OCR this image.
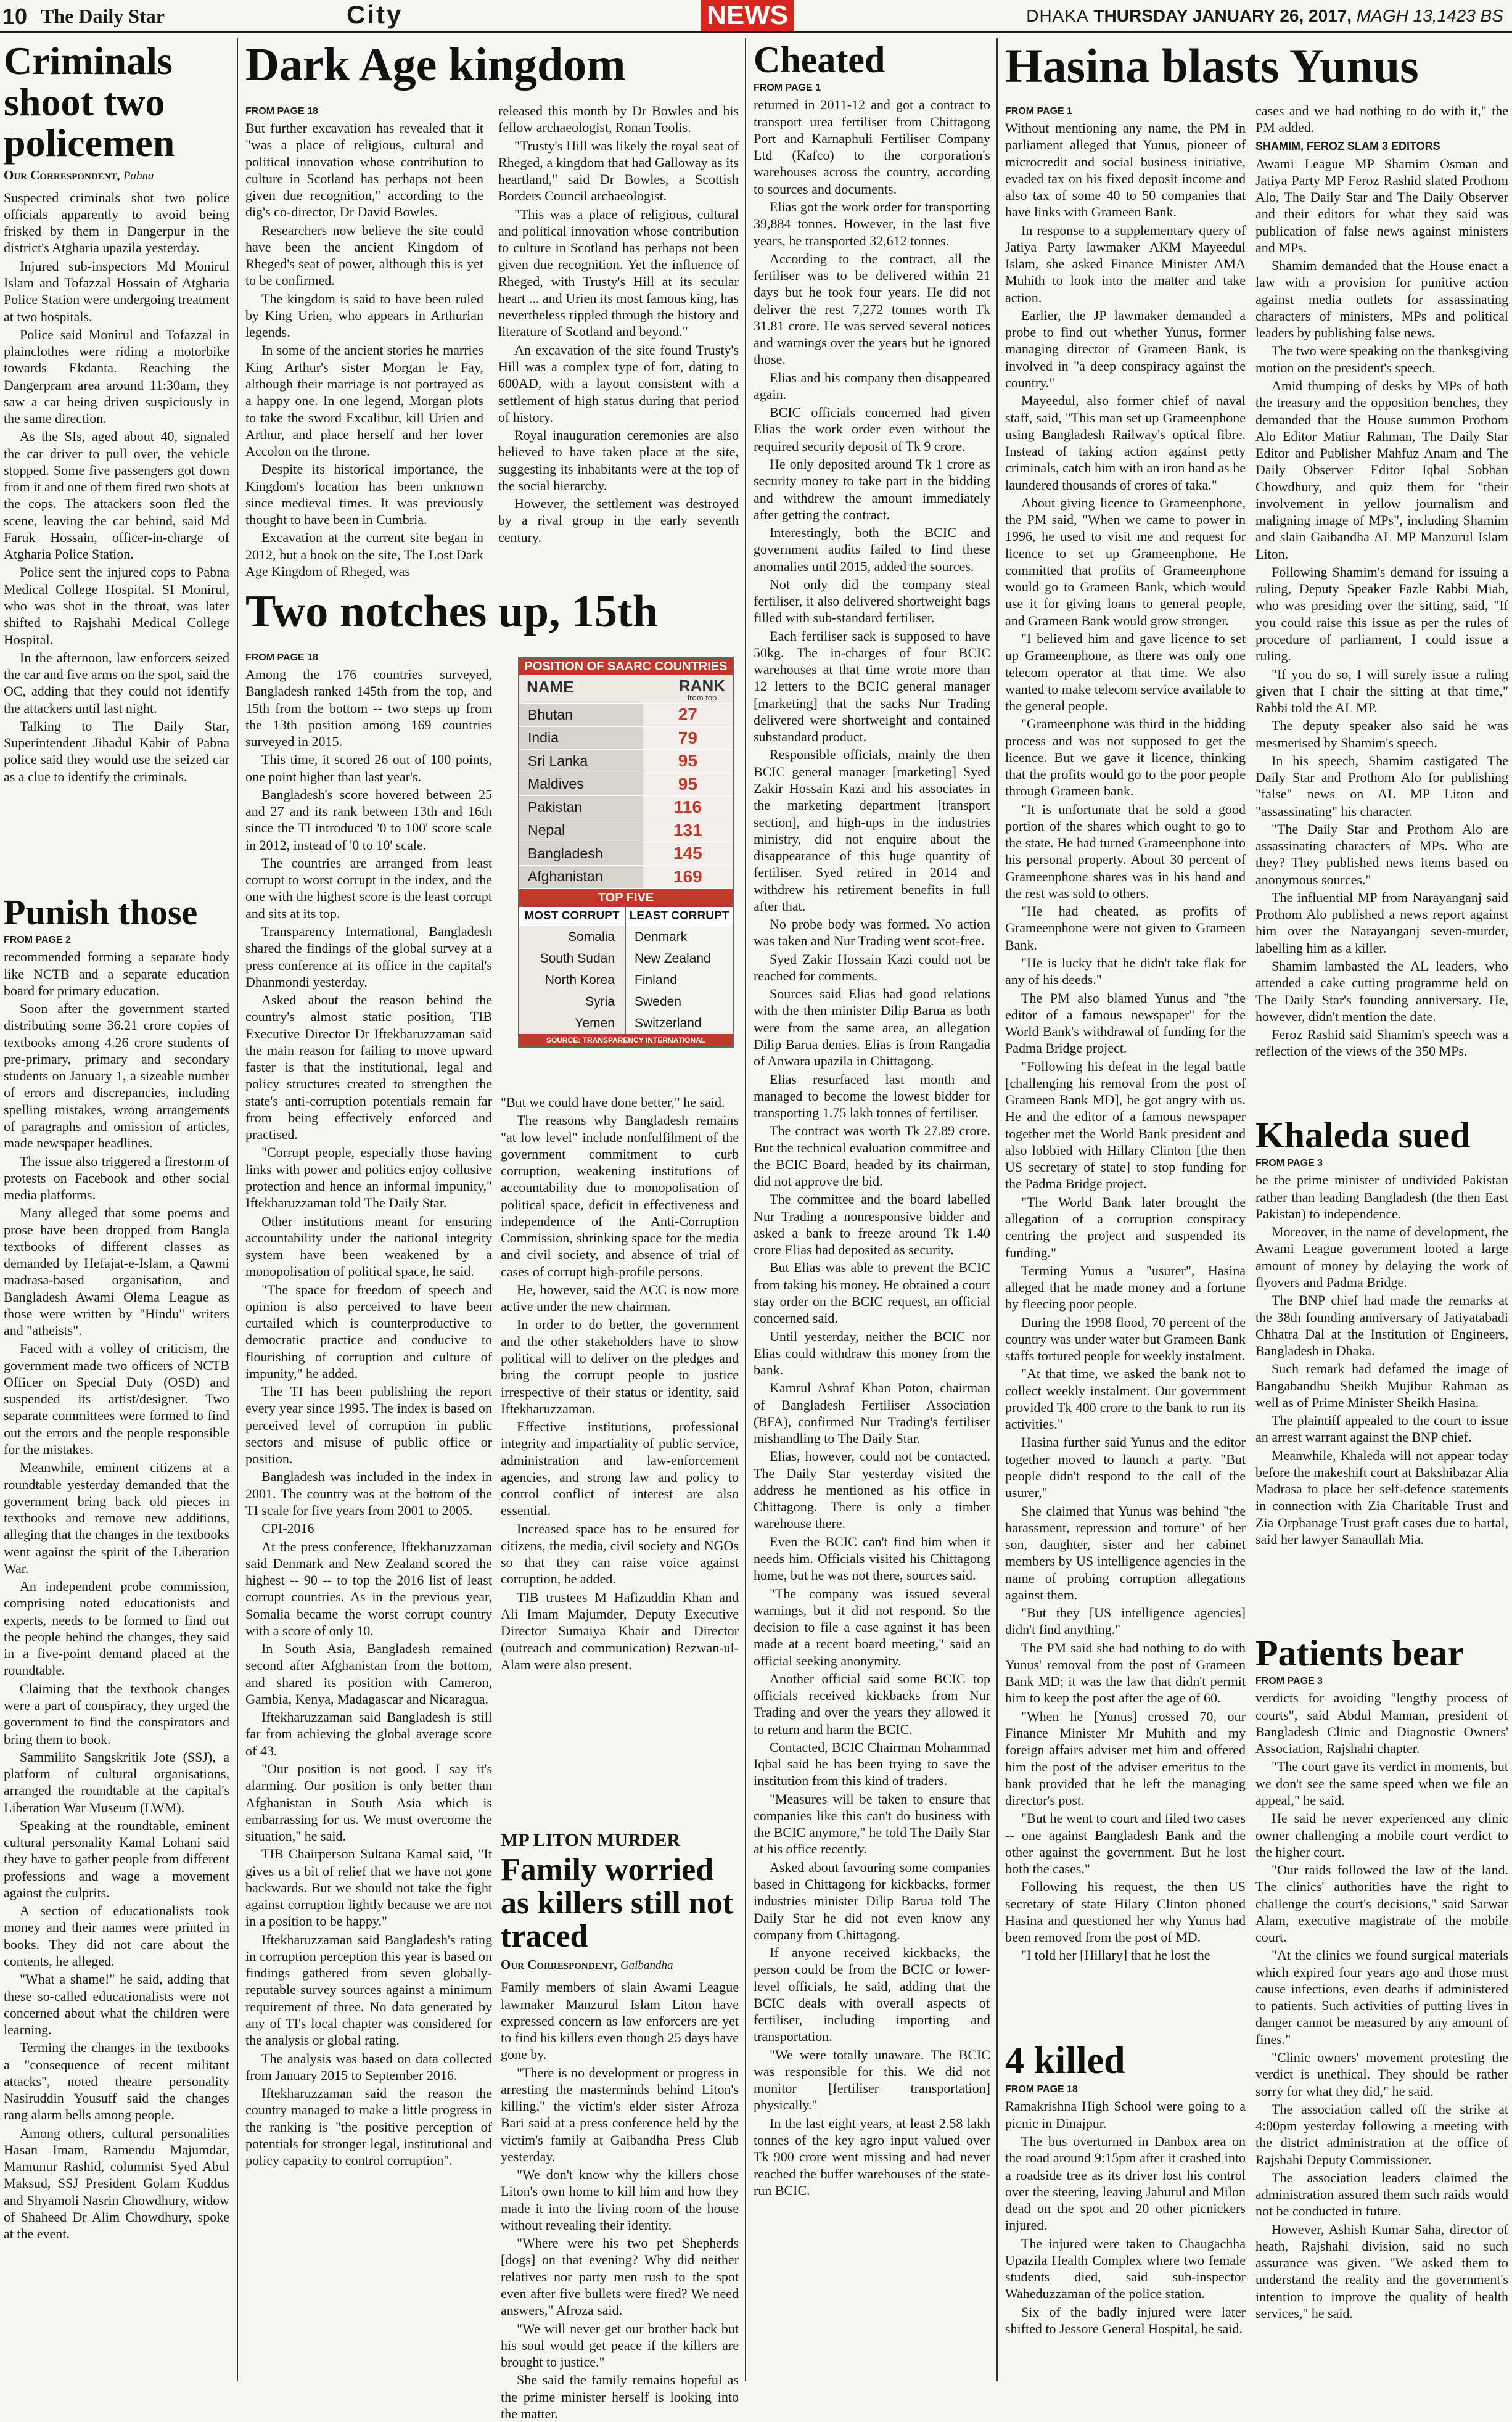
10 The Daily Star	City	NEWS	DHAKA THURSDAY JANUARY 26, 2017, MAGH 13,1423 BS
Criminals shoot two policemen
Our Correspondent, Pabna

Suspected criminals shot two police officials apparently to avoid being frisked by them in Dangerpur in the district's Atgharia upazila yesterday.

Injured sub-inspectors Md Monirul Islam and Tofazzal Hossain of Atgharia Police Station were undergoing treatment at two hospitals.

Police said Monirul and Tofazzal in plainclothes were riding a motorbike towards Ekdanta. Reaching the Dangerpram area around 11:30am, they saw a car being driven suspiciously in the same direction.

As the SIs, aged about 40, signaled the car driver to pull over, the vehicle stopped. Some five passengers got down from it and one of them fired two shots at the cops. The attackers soon fled the scene, leaving the car behind, said Md Faruk Hossain, officer-in-charge of Atgharia Police Station.

Police sent the injured cops to Pabna Medical College Hospital. SI Monirul, who was shot in the throat, was later shifted to Rajshahi Medical College Hospital.

In the afternoon, law enforcers seized the car and five arms on the spot, said the OC, adding that they could not identify the attackers until last night.

Talking to The Daily Star, Superintendent Jihadul Kabir of Pabna police said they would use the seized car as a clue to identify the criminals.

Punish those
FROM PAGE 2

recommended forming a separate body like NCTB and a separate education board for primary education.

Soon after the government started distributing some 36.21 crore copies of textbooks among 4.26 crore students of pre-primary, primary and secondary students on January 1, a sizeable number of errors and discrepancies, including spelling mistakes, wrong arrangements of paragraphs and omission of articles, made newspaper headlines.

The issue also triggered a firestorm of protests on Facebook and other social media platforms.

Many alleged that some poems and prose have been dropped from Bangla textbooks of different classes as demanded by Hefajat-e-Islam, a Qawmi madrasa-based organisation, and Bangladesh Awami Olema League as those were written by "Hindu" writers and "atheists".

Faced with a volley of criticism, the government made two officers of NCTB Officer on Special Duty (OSD) and suspended its artist/designer. Two separate committees were formed to find out the errors and the people responsible for the mistakes.

Meanwhile, eminent citizens at a roundtable yesterday demanded that the government bring back old pieces in textbooks and remove new additions, alleging that the changes in the textbooks went against the spirit of the Liberation War.

An independent probe commission, comprising noted educationists and experts, needs to be formed to find out the people behind the changes, they said in a five-point demand placed at the roundtable.

Claiming that the textbook changes were a part of conspiracy, they urged the government to find the conspirators and bring them to book.

Sammilito Sangskritik Jote (SSJ), a platform of cultural organisations, arranged the roundtable at the capital's Liberation War Museum (LWM).

Speaking at the roundtable, eminent cultural personality Kamal Lohani said they have to gather people from different professions and wage a movement against the culprits.

A section of educationalists took money and their names were printed in books. They did not care about the contents, he alleged.

"What a shame!" he said, adding that these so-called educationalists were not concerned about what the children were learning.

Terming the changes in the textbooks a "consequence of recent militant attacks", noted theatre personality Nasiruddin Yousuff said the changes rang alarm bells among people.

Among others, cultural personalities Hasan Imam, Ramendu Majumdar, Mamunur Rashid, columnist Syed Abul Maksud, SSJ President Golam Kuddus and Shyamoli Nasrin Chowdhury, widow of Shaheed Dr Alim Chowdhury, spoke at the event.

Dark Age kingdom
FROM PAGE 18

But further excavation has revealed that it "was a place of religious, cultural and political innovation whose contribution to culture in Scotland has perhaps not been given due recognition," according to the dig's co-director, Dr David Bowles.

Researchers now believe the site could have been the ancient Kingdom of Rheged's seat of power, although this is yet to be confirmed.

The kingdom is said to have been ruled by King Urien, who appears in Arthurian legends.

In some of the ancient stories he marries King Arthur's sister Morgan le Fay, although their marriage is not portrayed as a happy one. In one legend, Morgan plots to take the sword Excalibur, kill Urien and Arthur, and place herself and her lover Accolon on the throne.

Despite its historical importance, the Kingdom's location has been unknown since medieval times. It was previously thought to have been in Cumbria.

Excavation at the current site began in 2012, but a book on the site, The Lost Dark Age Kingdom of Rheged, was

released this month by Dr Bowles and his fellow archaeologist, Ronan Toolis.

"Trusty's Hill was likely the royal seat of Rheged, a kingdom that had Galloway as its heartland," said Dr Bowles, a Scottish Borders Council archaeologist.

"This was a place of religious, cultural and political innovation whose contribution to culture in Scotland has perhaps not been given due recognition. Yet the influence of Rheged, with Trusty's Hill at its secular heart ... and Urien its most famous king, has nevertheless rippled through the history and literature of Scotland and beyond."

An excavation of the site found Trusty's Hill was a complex type of fort, dating to 600AD, with a layout consistent with a settlement of high status during that period of history.

Royal inauguration ceremonies are also believed to have taken place at the site, suggesting its inhabitants were at the top of the social hierarchy.

However, the settlement was destroyed by a rival group in the early seventh century.

Two notches up, 15th
FROM PAGE 18

Among the 176 countries surveyed, Bangladesh ranked 145th from the top, and 15th from the bottom -- two steps up from the 13th position among 169 countries surveyed in 2015.

This time, it scored 26 out of 100 points, one point higher than last year's.

Bangladesh's score hovered between 25 and 27 and its rank between 13th and 16th since the TI introduced '0 to 100' score scale in 2012, instead of '0 to 10' scale.

The countries are arranged from least corrupt to worst corrupt in the index, and the one with the highest score is the least corrupt and sits at its top.

Transparency International, Bangladesh shared the findings of the global survey at a press conference at its office in the capital's Dhanmondi yesterday.

Asked about the reason behind the country's almost static position, TIB Executive Director Dr Iftekharuzzaman said the main reason for failing to move upward faster is that the institutional, legal and policy structures created to strengthen the state's anti-corruption potentials remain far from being effectively enforced and practised.

"Corrupt people, especially those having links with power and politics enjoy collusive protection and hence an informal impunity," Iftekharuzzaman told The Daily Star.

Other institutions meant for ensuring accountability under the national integrity system have been weakened by a monopolisation of political space, he said.

"The space for freedom of speech and opinion is also perceived to have been curtailed which is counterproductive to democratic practice and conducive to flourishing of corruption and culture of impunity," he added.

The TI has been publishing the report every year since 1995. The index is based on perceived level of corruption in public sectors and misuse of public office or position.

Bangladesh was included in the index in 2001. The country was at the bottom of the TI scale for five years from 2001 to 2005.

CPI-2016

At the press conference, Iftekharuzzaman said Denmark and New Zealand scored the highest -- 90 -- to top the 2016 list of least corrupt countries. As in the previous year, Somalia became the worst corrupt country with a score of only 10.

In South Asia, Bangladesh remained second after Afghanistan from the bottom, and shared its position with Cameron, Gambia, Kenya, Madagascar and Nicaragua.

Iftekharuzzaman said Bangladesh is still far from achieving the global average score of 43.

"Our position is not good. I say it's alarming. Our position is only better than Afghanistan in South Asia which is embarrassing for us. We must overcome the situation," he said.

TIB Chairperson Sultana Kamal said, "It gives us a bit of relief that we have not gone backwards. But we should not take the fight against corruption lightly because we are not in a position to be happy."

Iftekharuzzaman said Bangladesh's rating in corruption perception this year is based on findings gathered from seven globally-reputable survey sources against a minimum requirement of three. No data generated by any of TI's local chapter was considered for the analysis or global rating.

The analysis was based on data collected from January 2015 to September 2016.

Iftekharuzzaman said the reason the country managed to make a little progress in the ranking is "the positive perception of potentials for stronger legal, institutional and policy capacity to control corruption".

POSITION OF SAARC COUNTRIES
NAME	RANK
from top
Bhutan	27
India	79
Sri Lanka	95
Maldives	95
Pakistan	116
Nepal	131
Bangladesh	145
Afghanistan	169
TOP FIVE
MOST CORRUPT LEAST CORRUPT
Somalia	Denmark
South Sudan	New Zealand
North Korea	Finland
Syria	Sweden
Yemen	Switzerland
SOURCE: TRANSPARENCY INTERNATIONAL

"But we could have done better," he said.

The reasons why Bangladesh remains "at low level" include nonfulfilment of the government commitment to curb corruption, weakening institutions of accountability due to monopolisation of political space, deficit in effectiveness and independence of the Anti-Corruption Commission, shrinking space for the media and civil society, and absence of trial of cases of corrupt high-profile persons.

He, however, said the ACC is now more active under the new chairman.

In order to do better, the government and the other stakeholders have to show political will to deliver on the pledges and bring the corrupt people to justice irrespective of their status or identity, said Iftekharuzzaman.

Effective institutions, professional integrity and impartiality of public service, administration and law-enforcement agencies, and strong law and policy to control conflict of interest are also essential.

Increased space has to be ensured for citizens, the media, civil society and NGOs so that they can raise voice against corruption, he added.

TIB trustees M Hafizuddin Khan and Ali Imam Majumder, Deputy Executive Director Sumaiya Khair and Director (outreach and communication) Rezwan-ul-Alam were also present.

MP LITON MURDER
Family worried as killers still not traced
Our Correspondent, Gaibandha

Family members of slain Awami League lawmaker Manzurul Islam Liton have expressed concern as law enforcers are yet to find his killers even though 25 days have gone by.

"There is no development or progress in arresting the masterminds behind Liton's killing," the victim's elder sister Afroza Bari said at a press conference held by the victim's family at Gaibandha Press Club yesterday.

"We don't know why the killers chose Liton's own home to kill him and how they made it into the living room of the house without revealing their identity.

"Where were his two pet Shepherds [dogs] on that evening? Why did neither relatives nor party men rush to the spot even after five bullets were fired? We need answers," Afroza said.

"We will never get our brother back but his soul would get peace if the killers are brought to justice."

She said the family remains hopeful as the prime minister herself is looking into the matter.

Cheated
FROM PAGE 1

returned in 2011-12 and got a contract to transport urea fertiliser from Chittagong Port and Karnaphuli Fertiliser Company Ltd (Kafco) to the corporation's warehouses across the country, according to sources and documents.

Elias got the work order for transporting 39,884 tonnes. However, in the last five years, he transported 32,612 tonnes.

According to the contract, all the fertiliser was to be delivered within 21 days but he took four years. He did not deliver the rest 7,272 tonnes worth Tk 31.81 crore. He was served several notices and warnings over the years but he ignored those.

Elias and his company then disappeared again.

BCIC officials concerned had given Elias the work order even without the required security deposit of Tk 9 crore.

He only deposited around Tk 1 crore as security money to take part in the bidding and withdrew the amount immediately after getting the contract.

Interestingly, both the BCIC and government audits failed to find these anomalies until 2015, added the sources.

Not only did the company steal fertiliser, it also delivered shortweight bags filled with sub-standard fertiliser.

Each fertiliser sack is supposed to have 50kg. The in-charges of four BCIC warehouses at that time wrote more than 12 letters to the BCIC general manager [marketing] that the sacks Nur Trading delivered were shortweight and contained substandard product.

Responsible officials, mainly the then BCIC general manager [marketing] Syed Zakir Hossain Kazi and his associates in the marketing department [transport section], and high-ups in the industries ministry, did not enquire about the disappearance of this huge quantity of fertiliser. Syed retired in 2014 and withdrew his retirement benefits in full after that.

No probe body was formed. No action was taken and Nur Trading went scot-free.

Syed Zakir Hossain Kazi could not be reached for comments.

Sources said Elias had good relations with the then minister Dilip Barua as both were from the same area, an allegation Dilip Barua denies. Elias is from Rangadia of Anwara upazila in Chittagong.

Elias resurfaced last month and managed to become the lowest bidder for transporting 1.75 lakh tonnes of fertiliser.

The contract was worth Tk 27.89 crore. But the technical evaluation committee and the BCIC Board, headed by its chairman, did not approve the bid.

The committee and the board labelled Nur Trading a nonresponsive bidder and asked a bank to freeze around Tk 1.40 crore Elias had deposited as security.

But Elias was able to prevent the BCIC from taking his money. He obtained a court stay order on the BCIC request, an official concerned said.

Until yesterday, neither the BCIC nor Elias could withdraw this money from the bank.

Kamrul Ashraf Khan Poton, chairman of Bangladesh Fertiliser Association (BFA), confirmed Nur Trading's fertiliser mishandling to The Daily Star.

Elias, however, could not be contacted. The Daily Star yesterday visited the address he mentioned as his office in Chittagong. There is only a timber warehouse there.

Even the BCIC can't find him when it needs him. Officials visited his Chittagong home, but he was not there, sources said.

"The company was issued several warnings, but it did not respond. So the decision to file a case against it has been made at a recent board meeting," said an official seeking anonymity.

Another official said some BCIC top officials received kickbacks from Nur Trading and over the years they allowed it to return and harm the BCIC.

Contacted, BCIC Chairman Mohammad Iqbal said he has been trying to save the institution from this kind of traders.

"Measures will be taken to ensure that companies like this can't do business with the BCIC anymore," he told The Daily Star at his office recently.

Asked about favouring some companies based in Chittagong for kickbacks, former industries minister Dilip Barua told The Daily Star he did not even know any company from Chittagong.

If anyone received kickbacks, the person could be from the BCIC or lower-level officials, he said, adding that the BCIC deals with overall aspects of fertiliser, including importing and transportation.

"We were totally unaware. The BCIC was responsible for this. We did not monitor [fertiliser transportation] physically."

In the last eight years, at least 2.58 lakh tonnes of the key agro input valued over Tk 900 crore went missing and had never reached the buffer warehouses of the state-run BCIC.

Hasina blasts Yunus
FROM PAGE 1

Without mentioning any name, the PM in parliament alleged that Yunus, pioneer of microcredit and social business initiative, evaded tax on his fixed deposit income and also tax of some 40 to 50 companies that have links with Grameen Bank.

In response to a supplementary query of Jatiya Party lawmaker AKM Mayeedul Islam, she asked Finance Minister AMA Muhith to look into the matter and take action.

Earlier, the JP lawmaker demanded a probe to find out whether Yunus, former managing director of Grameen Bank, is involved in "a deep conspiracy against the country."

Mayeedul, also former chief of naval staff, said, "This man set up Grameenphone using Bangladesh Railway's optical fibre. Instead of taking action against petty criminals, catch him with an iron hand as he laundered thousands of crores of taka."

About giving licence to Grameenphone, the PM said, "When we came to power in 1996, he used to visit me and request for licence to set up Grameenphone. He committed that profits of Grameenphone would go to Grameen Bank, which would use it for giving loans to general people, and Grameen Bank would grow stronger.

"I believed him and gave licence to set up Grameenphone, as there was only one telecom operator at that time. We also wanted to make telecom service available to the general people.

"Grameenphone was third in the bidding process and was not supposed to get the licence. But we gave it licence, thinking that the profits would go to the poor people through Grameen bank.

"It is unfortunate that he sold a good portion of the shares which ought to go to the state. He had turned Grameenphone into his personal property. About 30 percent of Grameenphone shares was in his hand and the rest was sold to others.

"He had cheated, as profits of Grameenphone were not given to Grameen Bank.

"He is lucky that he didn't take flak for any of his deeds."

The PM also blamed Yunus and "the editor of a famous newspaper" for the World Bank's withdrawal of funding for the Padma Bridge project.

"Following his defeat in the legal battle [challenging his removal from the post of Grameen Bank MD], he got angry with us. He and the editor of a famous newspaper together met the World Bank president and also lobbied with Hillary Clinton [the then US secretary of state] to stop funding for the Padma Bridge project.

"The World Bank later brought the allegation of a corruption conspiracy centring the project and suspended its funding."

Terming Yunus a "usurer", Hasina alleged that he made money and a fortune by fleecing poor people.

During the 1998 flood, 70 percent of the country was under water but Grameen Bank staffs tortured people for weekly instalment.

"At that time, we asked the bank not to collect weekly instalment. Our government provided Tk 400 crore to the bank to run its activities."

Hasina further said Yunus and the editor together moved to launch a party. "But people didn't respond to the call of the usurer,"

She claimed that Yunus was behind "the harassment, repression and torture" of her son, daughter, sister and her cabinet members by US intelligence agencies in the name of probing corruption allegations against them.

"But they [US intelligence agencies] didn't find anything."

The PM said she had nothing to do with Yunus' removal from the post of Grameen Bank MD; it was the law that didn't permit him to keep the post after the age of 60.

"When he [Yunus] crossed 70, our Finance Minister Mr Muhith and my foreign affairs adviser met him and offered him the post of the adviser emeritus to the bank provided that he left the managing director's post.

"But he went to court and filed two cases -- one against Bangladesh Bank and the other against the government. But he lost both the cases."

Following his request, the then US secretary of state Hilary Clinton phoned Hasina and questioned her why Yunus had been removed from the post of MD.

"I told her [Hillary] that he lost the

cases and we had nothing to do with it," the PM added.

SHAMIM, FEROZ SLAM 3 EDITORS

Awami League MP Shamim Osman and Jatiya Party MP Feroz Rashid slated Prothom Alo, The Daily Star and The Daily Observer and their editors for what they said was publication of false news against ministers and MPs.

Shamim demanded that the House enact a law with a provision for punitive action against media outlets for assassinating characters of ministers, MPs and political leaders by publishing false news.

The two were speaking on the thanksgiving motion on the president's speech.

Amid thumping of desks by MPs of both the treasury and the opposition benches, they demanded that the House summon Prothom Alo Editor Matiur Rahman, The Daily Star Editor and Publisher Mahfuz Anam and The Daily Observer Editor Iqbal Sobhan Chowdhury, and quiz them for "their involvement in yellow journalism and maligning image of MPs", including Shamim and slain Gaibandha AL MP Manzurul Islam Liton.

Following Shamim's demand for issuing a ruling, Deputy Speaker Fazle Rabbi Miah, who was presiding over the sitting, said, "If you could raise this issue as per the rules of procedure of parliament, I could issue a ruling.

"If you do so, I will surely issue a ruling given that I chair the sitting at that time," Rabbi told the AL MP.

The deputy speaker also said he was mesmerised by Shamim's speech.

In his speech, Shamim castigated The Daily Star and Prothom Alo for publishing "false" news on AL MP Liton and "assassinating" his character.

"The Daily Star and Prothom Alo are assassinating characters of MPs. Who are they? They published news items based on anonymous sources."

The influential MP from Narayanganj said Prothom Alo published a news report against him over the Narayanganj seven-murder, labelling him as a killer.

Shamim lambasted the AL leaders, who attended a cake cutting programme held on The Daily Star's founding anniversary. He, however, didn't mention the date.

Feroz Rashid said Shamim's speech was a reflection of the views of the 350 MPs.

Khaleda sued
FROM PAGE 3

be the prime minister of undivided Pakistan rather than leading Bangladesh (the then East Pakistan) to independence.

Moreover, in the name of development, the Awami League government looted a large amount of money by delaying the work of flyovers and Padma Bridge.

The BNP chief had made the remarks at the 38th founding anniversary of Jatiyatabadi Chhatra Dal at the Institution of Engineers, Bangladesh in Dhaka.

Such remark had defamed the image of Bangabandhu Sheikh Mujibur Rahman as well as of Prime Minister Sheikh Hasina.

The plaintiff appealed to the court to issue an arrest warrant against the BNP chief.

Meanwhile, Khaleda will not appear today before the makeshift court at Bakshibazar Alia Madrasa to place her self-defence statements in connection with Zia Charitable Trust and Zia Orphanage Trust graft cases due to hartal, said her lawyer Sanaullah Mia.

Patients bear
FROM PAGE 3

verdicts for avoiding "lengthy process of courts", said Abdul Mannan, president of Bangladesh Clinic and Diagnostic Owners' Association, Rajshahi chapter.

"The court gave its verdict in moments, but we don't see the same speed when we file an appeal," he said.

He said he never experienced any clinic owner challenging a mobile court verdict to the higher court.

"Our raids followed the law of the land. The clinics' authorities have the right to challenge the court's decisions," said Sarwar Alam, executive magistrate of the mobile court.

"At the clinics we found surgical materials which expired four years ago and those must cause infections, even deaths if administered to patients. Such activities of putting lives in danger cannot be measured by any amount of fines."

"Clinic owners' movement protesting the verdict is unethical. They should be rather sorry for what they did," he said.

The association called off the strike at 4:00pm yesterday following a meeting with the district administration at the office of Rajshahi Deputy Commissioner.

The association leaders claimed the administration assured them such raids would not be conducted in future.

However, Ashish Kumar Saha, director of heath, Rajshahi division, said no such assurance was given. "We asked them to understand the reality and the government's intention to improve the quality of health services," he said.

4 killed
FROM PAGE 18

Ramakrishna High School were going to a picnic in Dinajpur.

The bus overturned in Danbox area on the road around 9:15pm after it crashed into a roadside tree as its driver lost his control over the steering, leaving Jahurul and Milon dead on the spot and 20 other picnickers injured.

The injured were taken to Chaugachha Upazila Health Complex where two female students died, said sub-inspector Waheduzzaman of the police station.

Six of the badly injured were later shifted to Jessore General Hospital, he said.
